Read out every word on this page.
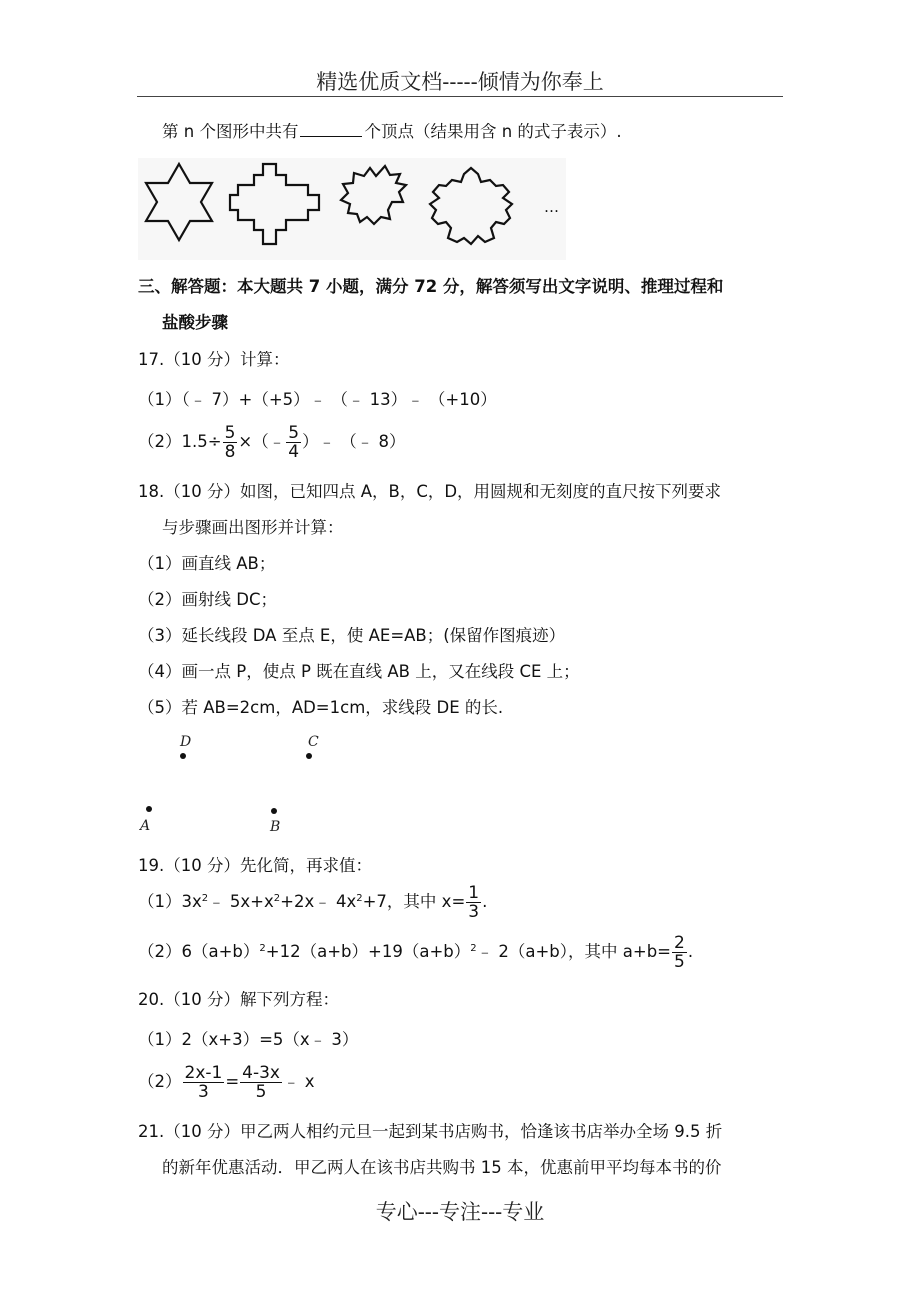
精选优质文档-----倾情为你奉上
第 n 个图形中共有	个顶点（结果用含 n 的式子表示）.
…
三、解答题：本大题共 7 小题，满分 72 分，解答须写出文字说明、推理过程和
盐酸步骤
17.（10 分）计算：
（1）（﹣ 7）+（+5）﹣ （﹣ 13）﹣ （+10）
$(2)1.5\div \frac{5}{8}$ ×（﹣ $\frac{5}{4}$ ）﹣ （﹣ 8）
18.（10 分）如图，已知四点 A，B，C，D，用圆规和无刻度的直尺按下列要求
与步骤画出图形并计算：
（1）画直线 AB；
（2）画射线 DC；
（3）延长线段 DA 至点 E，使 AE=AB；(保留作图痕迹）
（4）画一点 P，使点 P 既在直线 AB 上，又在线段 CE 上；
（5）若 AB=2cm，AD=1cm，求线段 DE 的长.
D	C
A	B
19.（10 分）先化简，再求值：
$(1)3x^2﹣$ $5x+x^2+2x﹣$ $4x^2+7$，其中 $x= \frac{1}{3}$ .
$(2)6(a+b)^2+12(a+b)+19(a+b)^2﹣$ 2（a+b），其中 $a+b= \frac{2}{5}$ .
20.（10 分）解下列方程：
（1）2（x+3）=5（x﹣ 3）
$(2) \frac{2x-1}{3} = \frac{4-3x}{5}$ ﹣ x
21.（10 分）甲乙两人相约元旦一起到某书店购书，恰逢该书店举办全场 9.5 折
的新年优惠活动．甲乙两人在该书店共购书 15 本，优惠前甲平均每本书的价
专心---专注---专业
